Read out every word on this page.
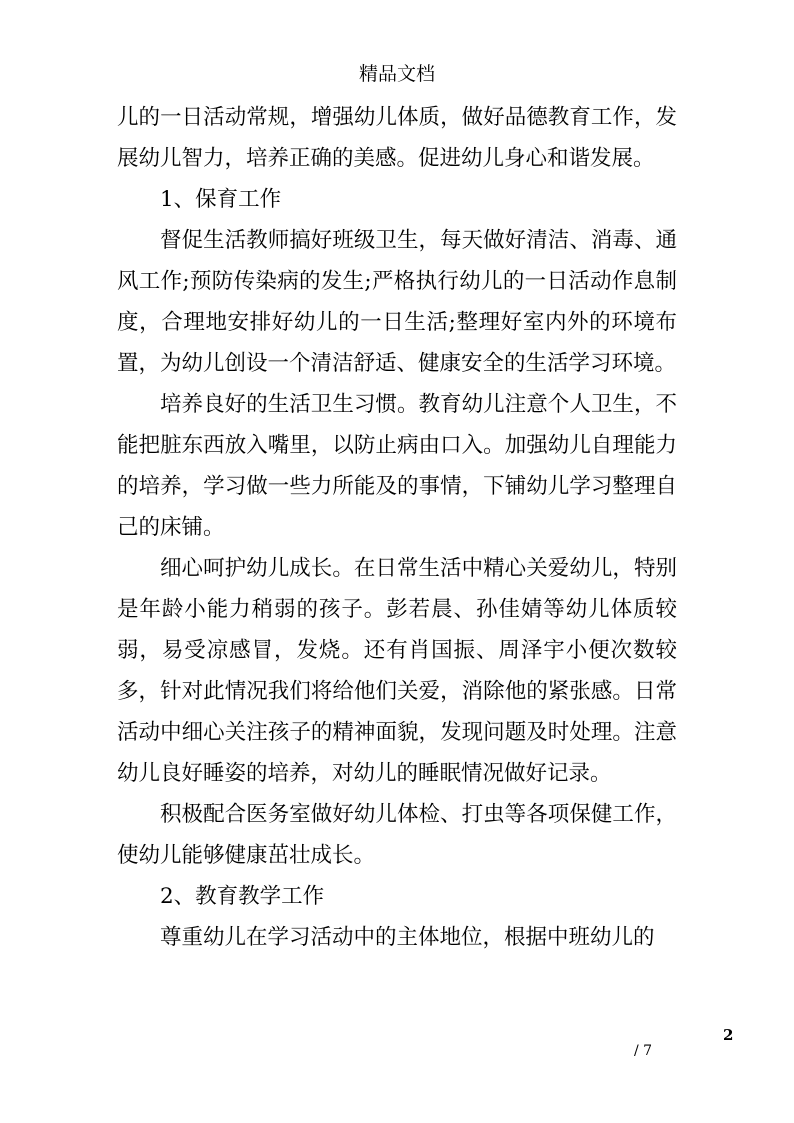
精品文档

儿的一日活动常规，增强幼儿体质，做好品德教育工作，发展幼儿智力，培养正确的美感。促进幼儿身心和谐发展。

1、保育工作

督促生活教师搞好班级卫生，每天做好清洁、消毒、通风工作;预防传染病的发生;严格执行幼儿的一日活动作息制度，合理地安排好幼儿的一日生活;整理好室内外的环境布置，为幼儿创设一个清洁舒适、健康安全的生活学习环境。

培养良好的生活卫生习惯。教育幼儿注意个人卫生，不能把脏东西放入嘴里，以防止病由口入。加强幼儿自理能力的培养，学习做一些力所能及的事情，下铺幼儿学习整理自己的床铺。

细心呵护幼儿成长。在日常生活中精心关爱幼儿，特别是年龄小能力稍弱的孩子。彭若晨、孙佳婧等幼儿体质较弱，易受凉感冒，发烧。还有肖国振、周泽宇小便次数较多，针对此情况我们将给他们关爱，消除他的紧张感。日常活动中细心关注孩子的精神面貌，发现问题及时处理。注意幼儿良好睡姿的培养，对幼儿的睡眠情况做好记录。

积极配合医务室做好幼儿体检、打虫等各项保健工作，使幼儿能够健康茁壮成长。

2、教育教学工作

尊重幼儿在学习活动中的主体地位，根据中班幼儿的

2
/ 7
